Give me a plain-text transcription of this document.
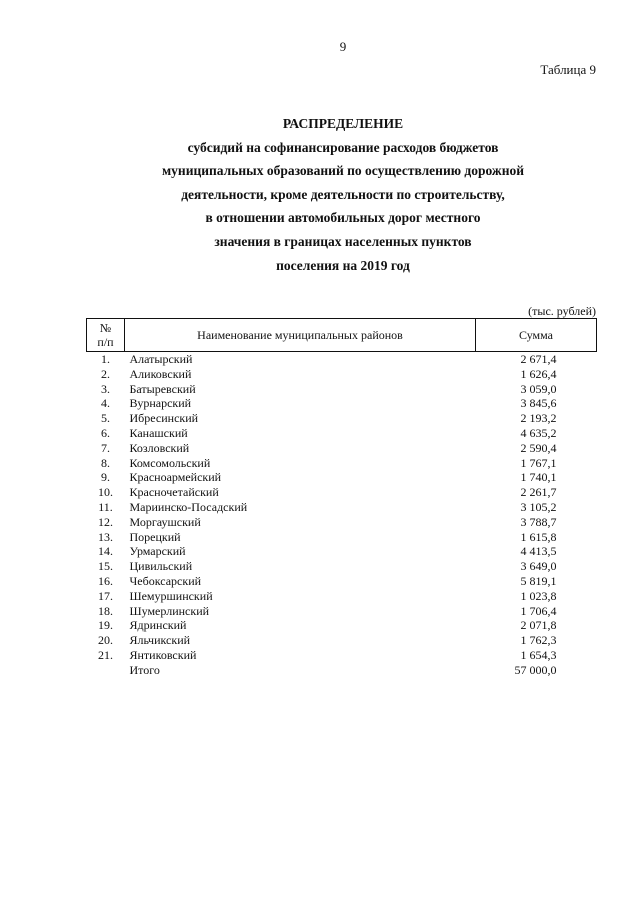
9
Таблица 9
РАСПРЕДЕЛЕНИЕ
субсидий на софинансирование расходов бюджетов
муниципальных образований по осуществлению дорожной
деятельности, кроме деятельности по строительству,
в отношении автомобильных дорог местного
значения в границах населенных пунктов
поселения на 2019 год
(тыс. рублей)
№
п/п	Наименование муниципальных районов	Сумма
1.	Алатырский	2 671,4
2.	Аликовский	1 626,4
3.	Батыревский	3 059,0
4.	Вурнарский	3 845,6
5.	Ибресинский	2 193,2
6.	Канашский	4 635,2
7.	Козловский	2 590,4
8.	Комсомольский	1 767,1
9.	Красноармейский	1 740,1
10.	Красночетайский	2 261,7
11.	Мариинско-Посадский	3 105,2
12.	Моргаушский	3 788,7
13.	Порецкий	1 615,8
14.	Урмарский	4 413,5
15.	Цивильский	3 649,0
16.	Чебоксарский	5 819,1
17.	Шемуршинский	1 023,8
18.	Шумерлинский	1 706,4
19.	Ядринский	2 071,8
20.	Яльчикский	1 762,3
21.	Янтиковский	1 654,3
	Итого	57 000,0
